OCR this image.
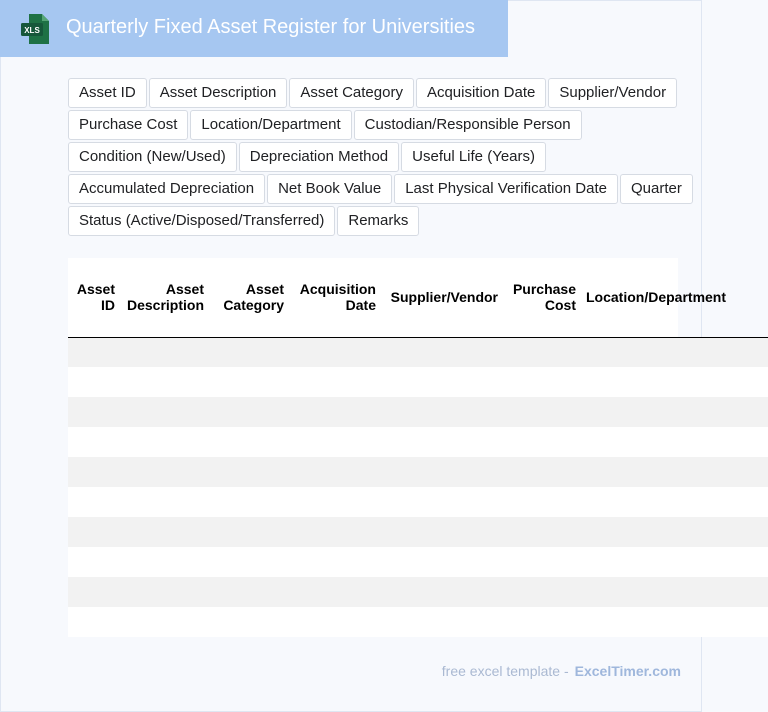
XLS Quarterly Fixed Asset Register for Universities
Asset ID	Asset Description	Asset Category	Acquisition Date	Supplier/Vendor
Purchase Cost	Location/Department	Custodian/Responsible Person
Condition (New/Used)	Depreciation Method	Useful Life (Years)
Accumulated Depreciation	Net Book Value	Last Physical Verification Date	Quarter
Status (Active/Disposed/Transferred)	Remarks
Asset ID	Asset Description	Asset Category	Acquisition Date	Supplier/Vendor	Purchase Cost	Location/Department

free excel template - ExcelTimer.com
